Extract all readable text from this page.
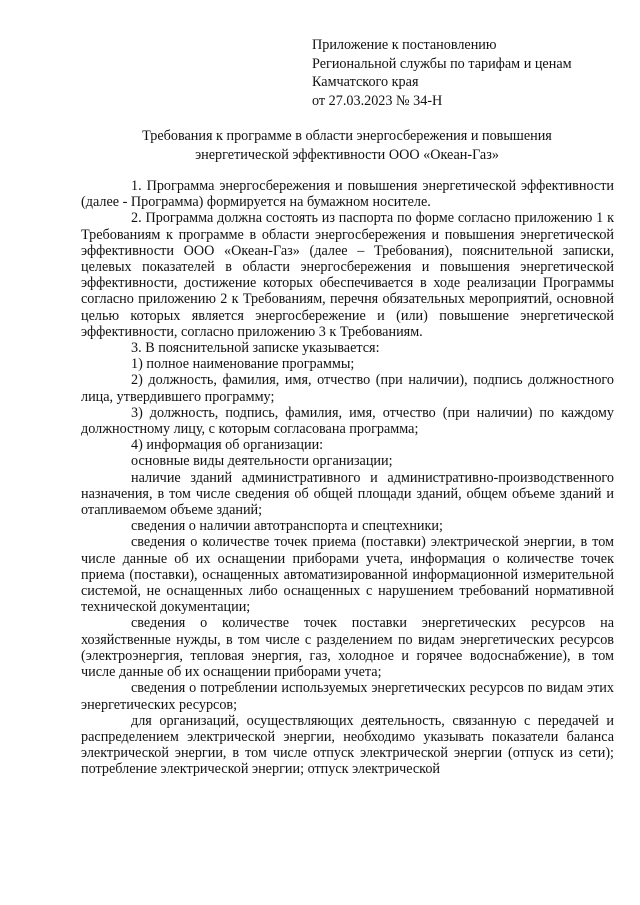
Приложение к постановлению
Региональной службы по тарифам и ценам
Камчатского края
от 27.03.2023 № 34-Н
Требования к программе в области энергосбережения и повышения
энергетической эффективности ООО «Океан-Газ»

1. Программа энергосбережения и повышения энергетической эффективности (далее - Программа) формируется на бумажном носителе.

2. Программа должна состоять из паспорта по форме согласно приложению 1 к Требованиям к программе в области энергосбережения и повышения энергетической эффективности ООО «Океан-Газ» (далее – Требования), пояснительной записки, целевых показателей в области энергосбережения и повышения энергетической эффективности, достижение которых обеспечивается в ходе реализации Программы согласно приложению 2 к Требованиям, перечня обязательных мероприятий, основной целью которых является энергосбережение и (или) повышение энергетической эффективности, согласно приложению 3 к Требованиям.

3. В пояснительной записке указывается:

1) полное наименование программы;

2) должность, фамилия, имя, отчество (при наличии), подпись должностного лица, утвердившего программу;

3) должность, подпись, фамилия, имя, отчество (при наличии) по каждому должностному лицу, с которым согласована программа;

4) информация об организации:

основные виды деятельности организации;

наличие зданий административного и административно-производственного назначения, в том числе сведения об общей площади зданий, общем объеме зданий и отапливаемом объеме зданий;

сведения о наличии автотранспорта и спецтехники;

сведения о количестве точек приема (поставки) электрической энергии, в том числе данные об их оснащении приборами учета, информация о количестве точек приема (поставки), оснащенных автоматизированной информационной измерительной системой, не оснащенных либо оснащенных с нарушением требований нормативной технической документации;

сведения о количестве точек поставки энергетических ресурсов на хозяйственные нужды, в том числе с разделением по видам энергетических ресурсов (электроэнергия, тепловая энергия, газ, холодное и горячее водоснабжение), в том числе данные об их оснащении приборами учета;

сведения о потреблении используемых энергетических ресурсов по видам этих энергетических ресурсов;

для организаций, осуществляющих деятельность, связанную с передачей и распределением электрической энергии, необходимо указывать показатели баланса электрической энергии, в том числе отпуск электрической энергии (отпуск из сети); потребление электрической энергии; отпуск электрической
